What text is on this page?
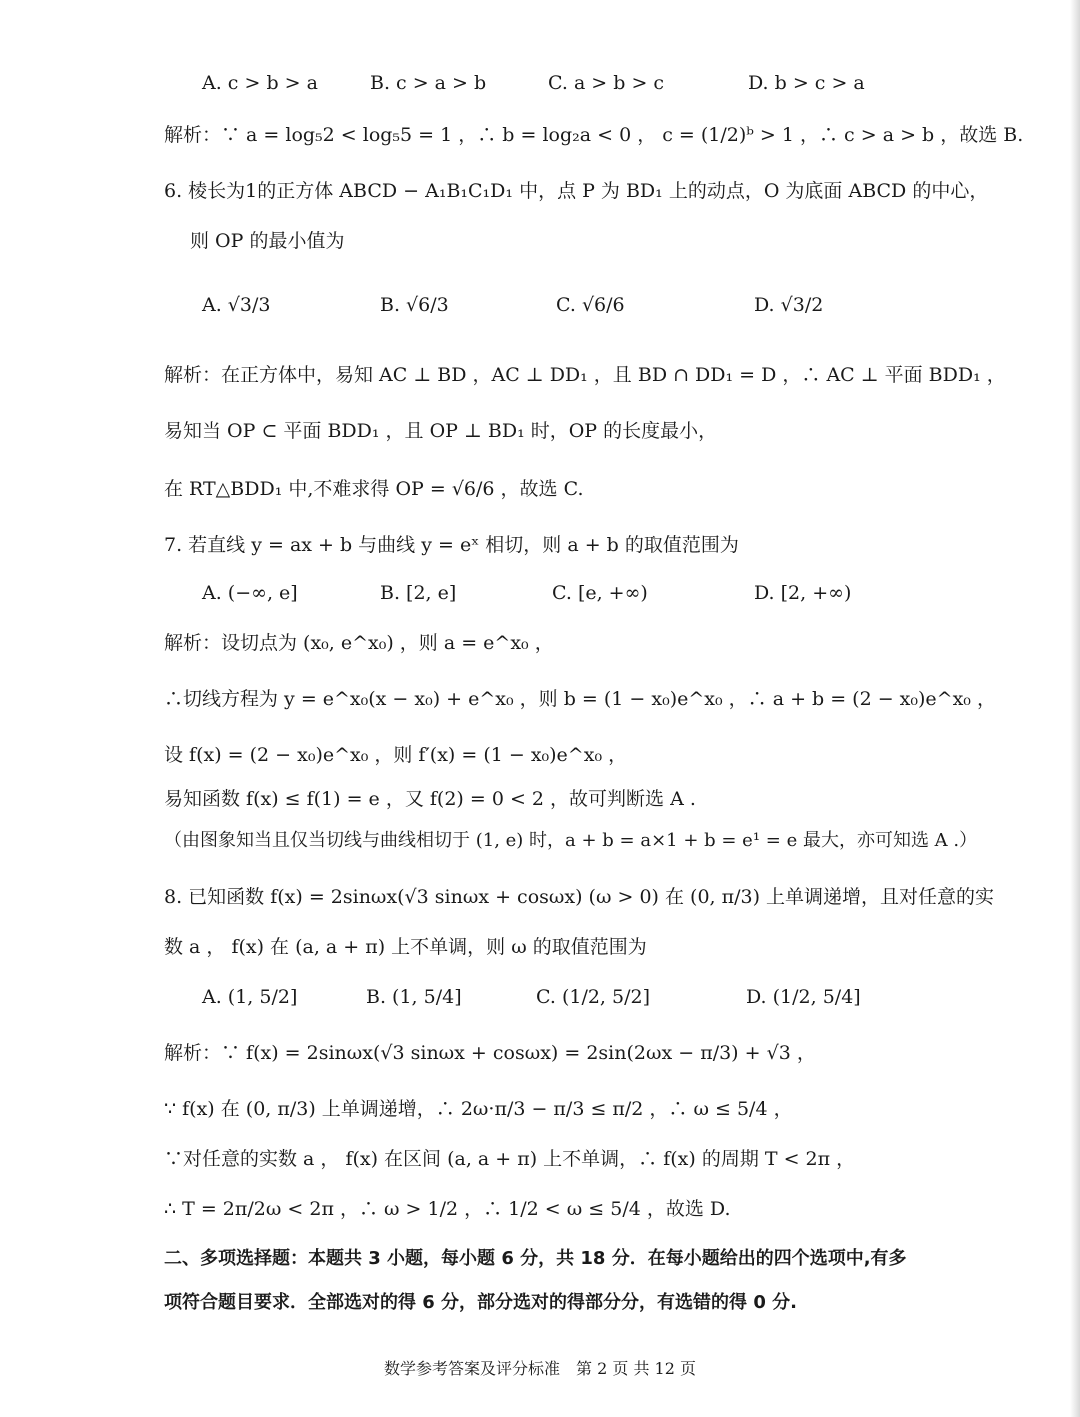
A. c > b > a	B. c > a > b	C. a > b > c	D. b > c > a
解析：∵ a = log₅2 < log₅5 = 1 ，∴ b = log₂a < 0 ， c = (1/2)ᵇ > 1 ，∴ c > a > b ，故选 B.
6. 棱长为1的正方体 ABCD − A₁B₁C₁D₁ 中，点 P 为 BD₁ 上的动点，O 为底面 ABCD 的中心，
则 OP 的最小值为
A. √3/3	B. √6/3	C. √6/6	D. √3/2
解析：在正方体中，易知 AC ⊥ BD ，AC ⊥ DD₁ ，且 BD ∩ DD₁ = D ，∴ AC ⊥ 平面 BDD₁ ，
易知当 OP ⊂ 平面 BDD₁ ，且 OP ⊥ BD₁ 时，OP 的长度最小，
在 RT△BDD₁ 中,不难求得 OP = √6/6 ，故选 C.
7. 若直线 y = ax + b 与曲线 y = eˣ 相切，则 a + b 的取值范围为
A. (−∞, e]	B. [2, e]	C. [e, +∞)	D. [2, +∞)
解析：设切点为 (x₀, e^x₀) ，则 a = e^x₀ ，
∴切线方程为 y = e^x₀(x − x₀) + e^x₀ ，则 b = (1 − x₀)e^x₀ ，∴ a + b = (2 − x₀)e^x₀ ，
设 f(x) = (2 − x₀)e^x₀ ，则 f′(x) = (1 − x₀)e^x₀ ，
易知函数 f(x) ≤ f(1) = e ，又 f(2) = 0 < 2 ，故可判断选 A .
（由图象知当且仅当切线与曲线相切于 (1, e) 时，a + b = a×1 + b = e¹ = e 最大，亦可知选 A .）
8. 已知函数 f(x) = 2sinωx(√3 sinωx + cosωx) (ω > 0) 在 (0, π/3) 上单调递增，且对任意的实
数 a ， f(x) 在 (a, a + π) 上不单调，则 ω 的取值范围为
A. (1, 5/2]	B. (1, 5/4]	C. (1/2, 5/2]	D. (1/2, 5/4]
解析：∵ f(x) = 2sinωx(√3 sinωx + cosωx) = 2sin(2ωx − π/3) + √3 ，
∵ f(x) 在 (0, π/3) 上单调递增，∴ 2ω·π/3 − π/3 ≤ π/2 ，∴ ω ≤ 5/4 ，
∵对任意的实数 a ， f(x) 在区间 (a, a + π) 上不单调，∴ f(x) 的周期 T < 2π ，
∴ T = 2π/2ω < 2π ，∴ ω > 1/2 ，∴ 1/2 < ω ≤ 5/4 ，故选 D.
二、多项选择题：本题共 3 小题，每小题 6 分，共 18 分．在每小题给出的四个选项中,有多
项符合题目要求．全部选对的得 6 分，部分选对的得部分分，有选错的得 0 分.
数学参考答案及评分标准　第 2 页 共 12 页
